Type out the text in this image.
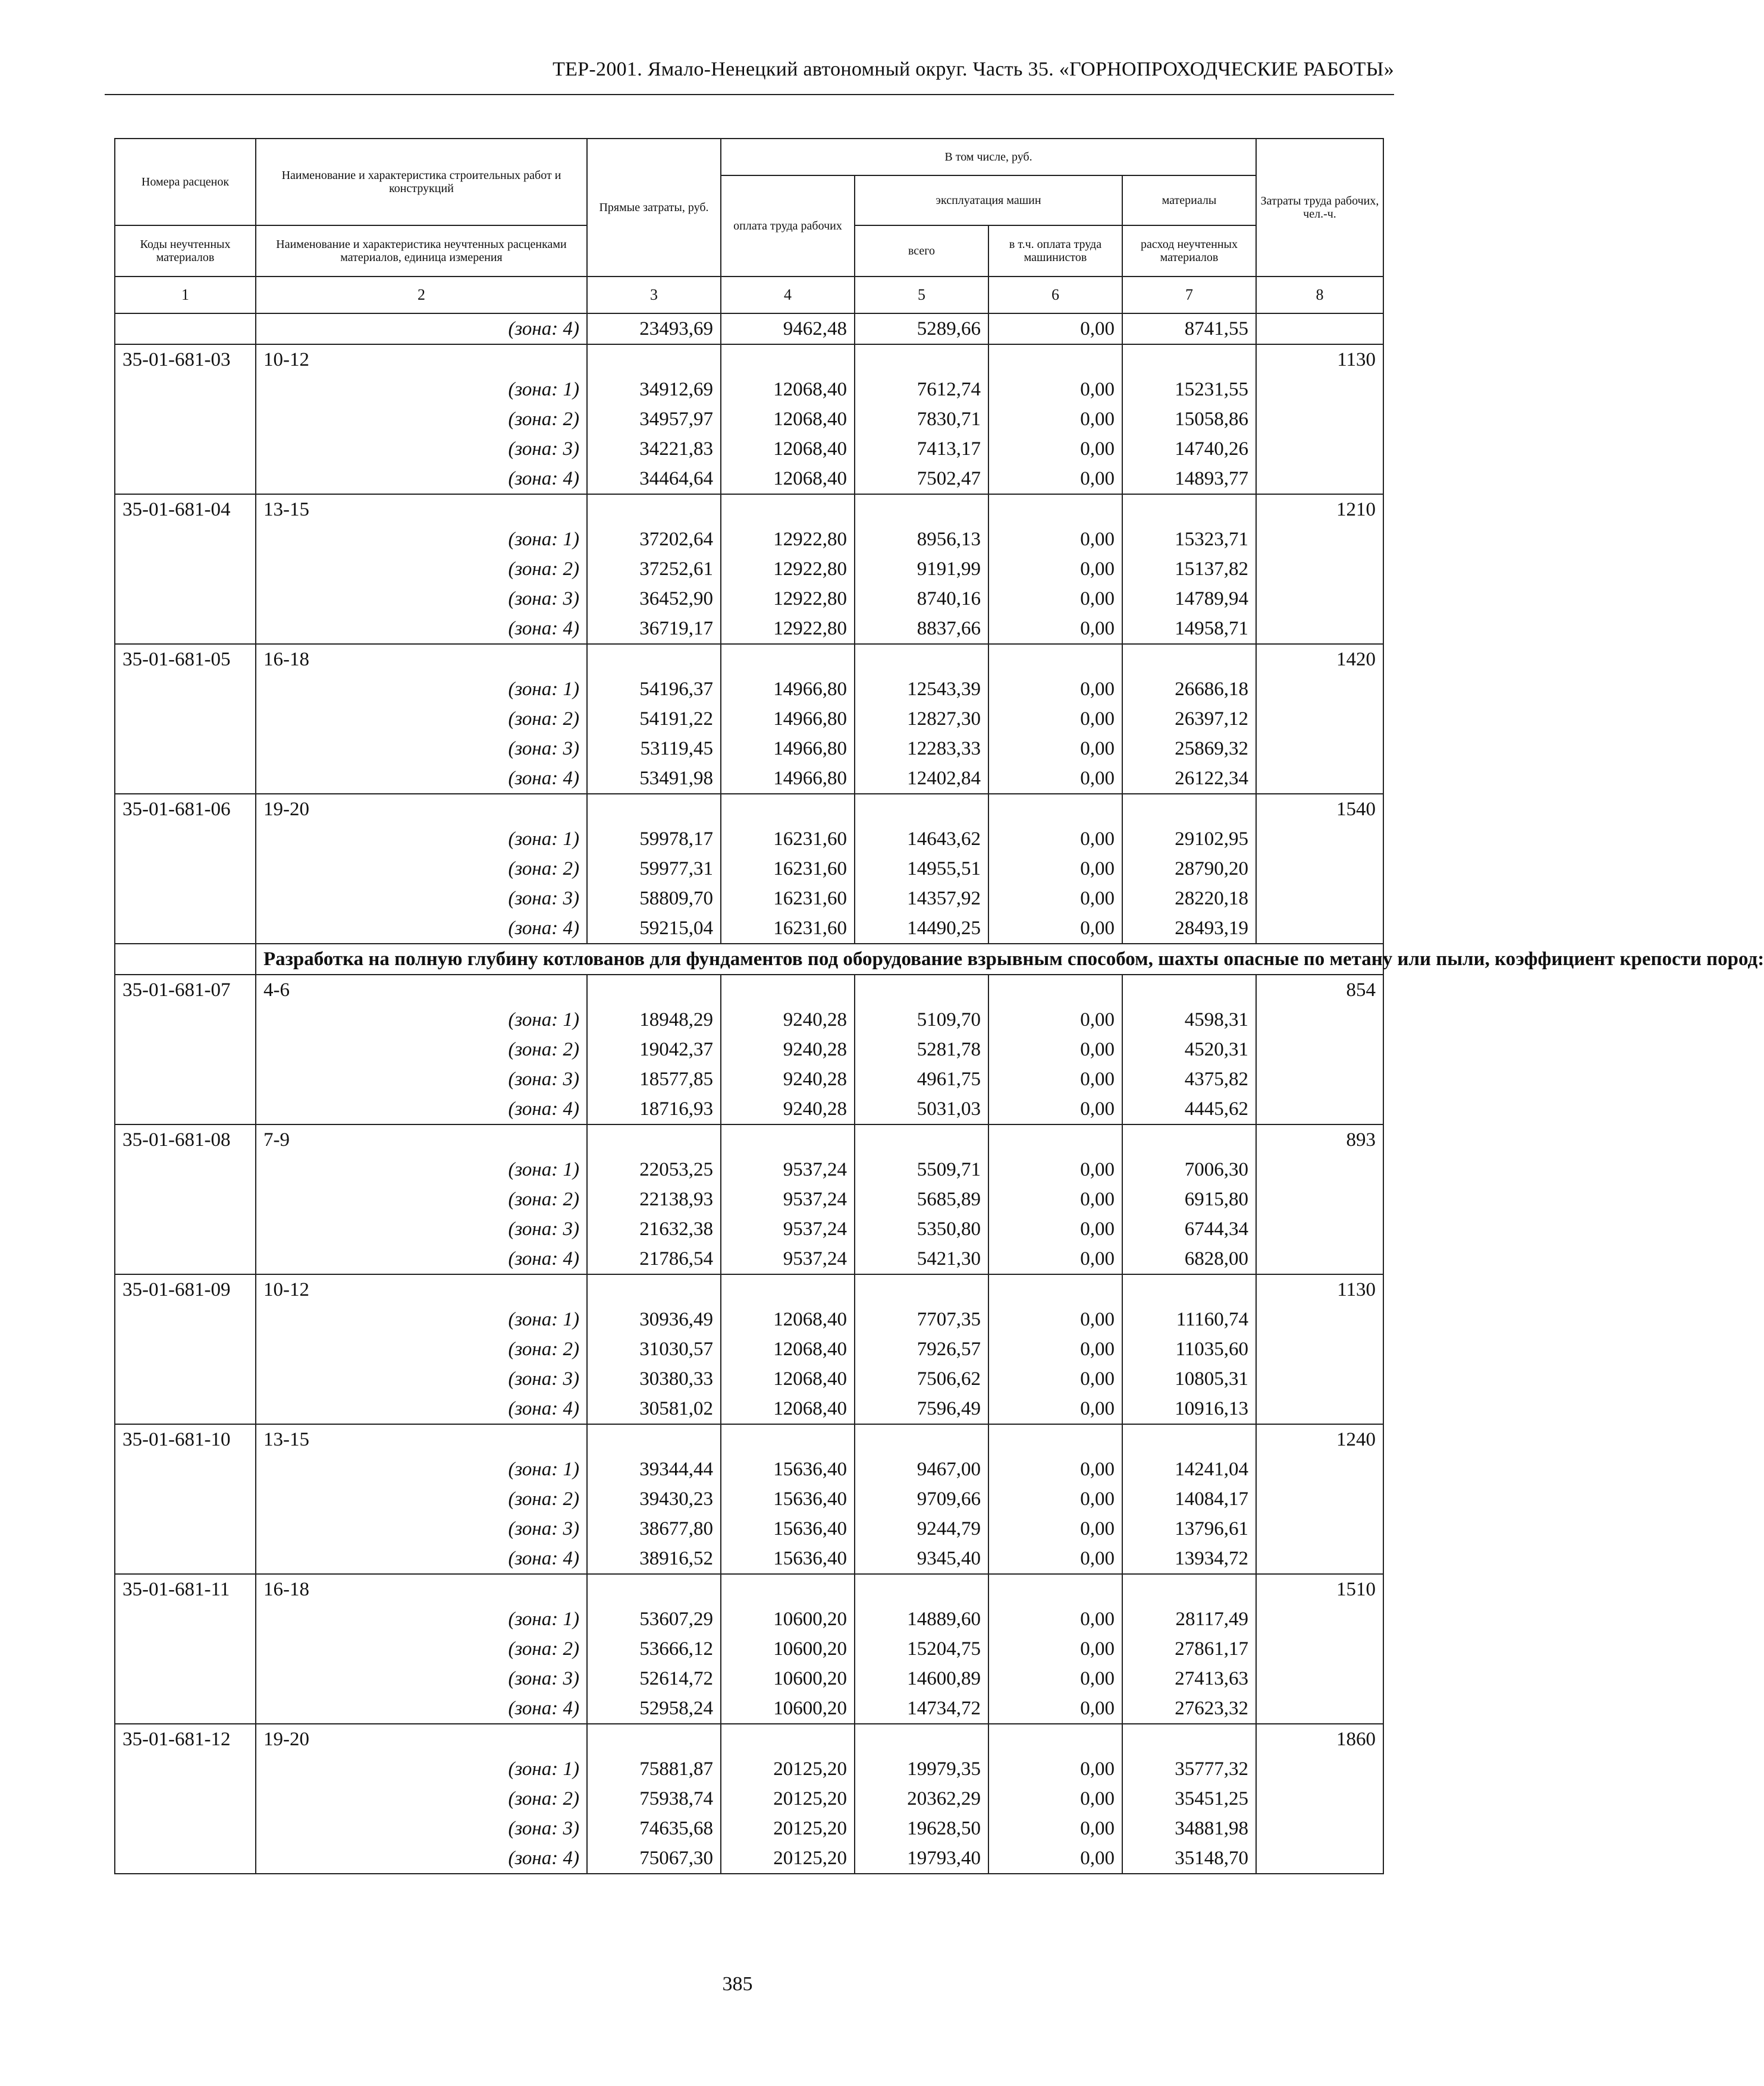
ТЕР-2001. Ямало-Ненецкий автономный округ. Часть 35. «ГОРНОПРОХОДЧЕСКИЕ РАБОТЫ»
Номера расценок	Наименование и характеристика строительных работ и конструкций	Прямые затраты, руб.	В том числе, руб.				Затраты труда рабочих, чел.-ч.
			оплата труда рабочих	эксплуатация машин		материалы	
Коды неучтенных материалов	Наименование и характеристика неучтенных расценками материалов, единица измерения			всего	в т.ч. оплата труда машинистов	расход неучтенных материалов	
1	2	3	4	5	6	7	8
	(зона: 4)	23493,69	9462,48	5289,66	0,00	8741,55	
35-01-681-03	10-12						1130
	(зона: 1)	34912,69	12068,40	7612,74	0,00	15231,55	
	(зона: 2)	34957,97	12068,40	7830,71	0,00	15058,86	
	(зона: 3)	34221,83	12068,40	7413,17	0,00	14740,26	
	(зона: 4)	34464,64	12068,40	7502,47	0,00	14893,77	
35-01-681-04	13-15						1210
	(зона: 1)	37202,64	12922,80	8956,13	0,00	15323,71	
	(зона: 2)	37252,61	12922,80	9191,99	0,00	15137,82	
	(зона: 3)	36452,90	12922,80	8740,16	0,00	14789,94	
	(зона: 4)	36719,17	12922,80	8837,66	0,00	14958,71	
35-01-681-05	16-18						1420
	(зона: 1)	54196,37	14966,80	12543,39	0,00	26686,18	
	(зона: 2)	54191,22	14966,80	12827,30	0,00	26397,12	
	(зона: 3)	53119,45	14966,80	12283,33	0,00	25869,32	
	(зона: 4)	53491,98	14966,80	12402,84	0,00	26122,34	
35-01-681-06	19-20						1540
	(зона: 1)	59978,17	16231,60	14643,62	0,00	29102,95	
	(зона: 2)	59977,31	16231,60	14955,51	0,00	28790,20	
	(зона: 3)	58809,70	16231,60	14357,92	0,00	28220,18	
	(зона: 4)	59215,04	16231,60	14490,25	0,00	28493,19	
	Разработка на полную глубину котлованов для фундаментов под оборудование взрывным способом, шахты опасные по метану или пыли, коэффициент крепости пород:						
35-01-681-07	4-6						854
	(зона: 1)	18948,29	9240,28	5109,70	0,00	4598,31	
	(зона: 2)	19042,37	9240,28	5281,78	0,00	4520,31	
	(зона: 3)	18577,85	9240,28	4961,75	0,00	4375,82	
	(зона: 4)	18716,93	9240,28	5031,03	0,00	4445,62	
35-01-681-08	7-9						893
	(зона: 1)	22053,25	9537,24	5509,71	0,00	7006,30	
	(зона: 2)	22138,93	9537,24	5685,89	0,00	6915,80	
	(зона: 3)	21632,38	9537,24	5350,80	0,00	6744,34	
	(зона: 4)	21786,54	9537,24	5421,30	0,00	6828,00	
35-01-681-09	10-12						1130
	(зона: 1)	30936,49	12068,40	7707,35	0,00	11160,74	
	(зона: 2)	31030,57	12068,40	7926,57	0,00	11035,60	
	(зона: 3)	30380,33	12068,40	7506,62	0,00	10805,31	
	(зона: 4)	30581,02	12068,40	7596,49	0,00	10916,13	
35-01-681-10	13-15						1240
	(зона: 1)	39344,44	15636,40	9467,00	0,00	14241,04	
	(зона: 2)	39430,23	15636,40	9709,66	0,00	14084,17	
	(зона: 3)	38677,80	15636,40	9244,79	0,00	13796,61	
	(зона: 4)	38916,52	15636,40	9345,40	0,00	13934,72	
35-01-681-11	16-18						1510
	(зона: 1)	53607,29	10600,20	14889,60	0,00	28117,49	
	(зона: 2)	53666,12	10600,20	15204,75	0,00	27861,17	
	(зона: 3)	52614,72	10600,20	14600,89	0,00	27413,63	
	(зона: 4)	52958,24	10600,20	14734,72	0,00	27623,32	
35-01-681-12	19-20						1860
	(зона: 1)	75881,87	20125,20	19979,35	0,00	35777,32	
	(зона: 2)	75938,74	20125,20	20362,29	0,00	35451,25	
	(зона: 3)	74635,68	20125,20	19628,50	0,00	34881,98	
	(зона: 4)	75067,30	20125,20	19793,40	0,00	35148,70	
385
